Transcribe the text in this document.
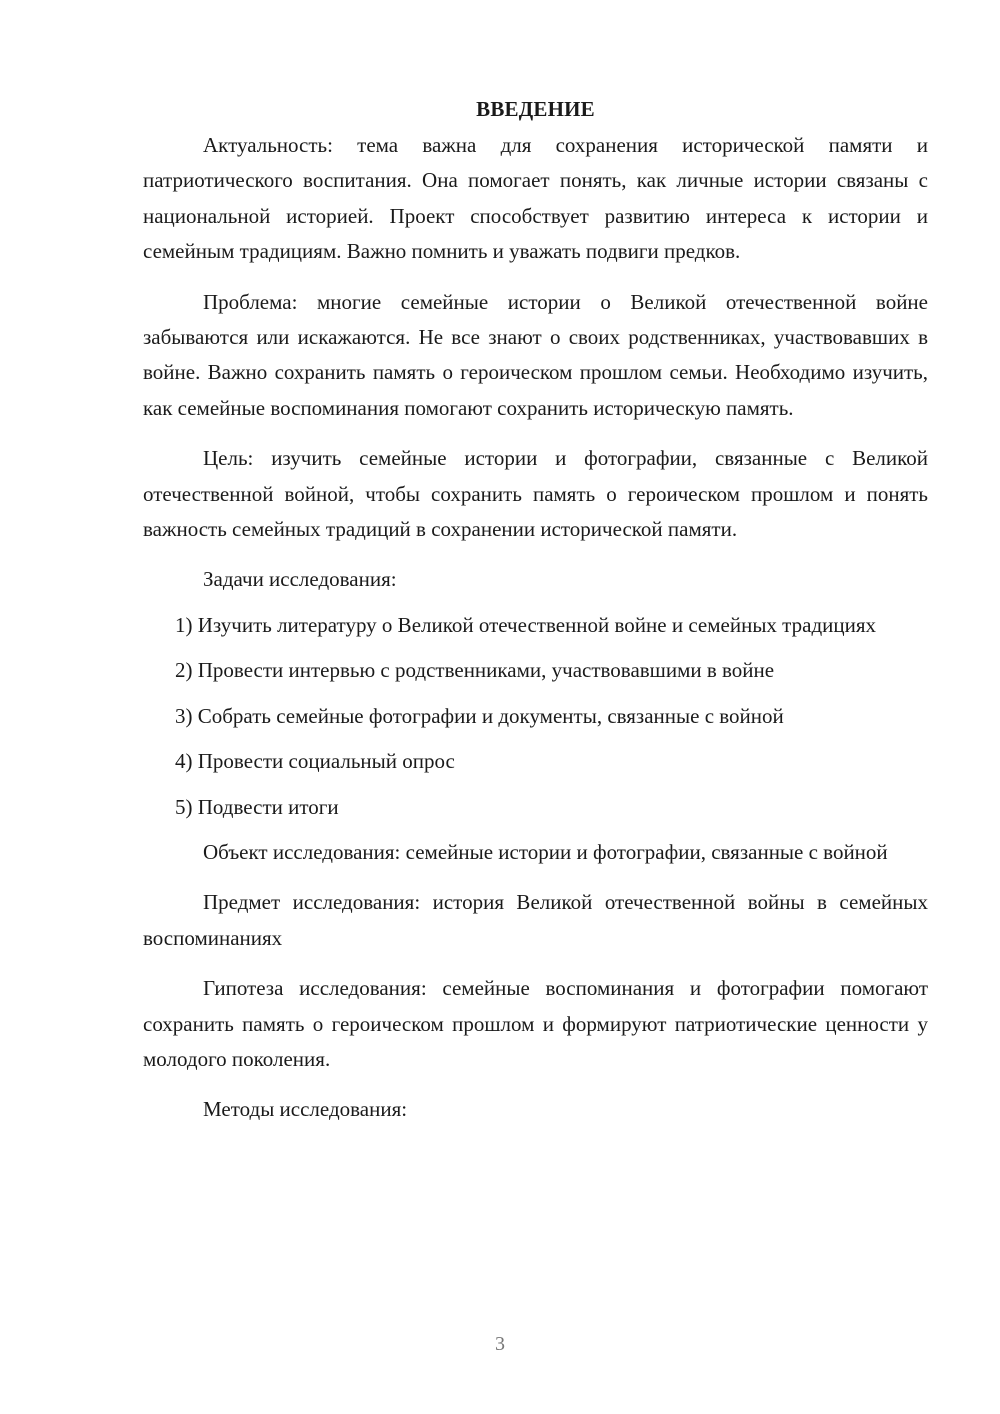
ВВЕДЕНИЕ

Актуальность: тема важна для сохранения исторической памяти и патриотического воспитания. Она помогает понять, как личные истории связаны с национальной историей. Проект способствует развитию интереса к истории и семейным традициям. Важно помнить и уважать подвиги предков.

Проблема: многие семейные истории о Великой отечественной войне забываются или искажаются. Не все знают о своих родственниках, участвовавших в войне. Важно сохранить память о героическом прошлом семьи. Необходимо изучить, как семейные воспоминания помогают сохранить историческую память.

Цель: изучить семейные истории и фотографии, связанные с Великой отечественной войной, чтобы сохранить память о героическом прошлом и понять важность семейных традиций в сохранении исторической памяти.

Задачи исследования:

1) Изучить литературу о Великой отечественной войне и семейных традициях

2) Провести интервью с родственниками, участвовавшими в войне

3) Собрать семейные фотографии и документы, связанные с войной

4) Провести социальный опрос

5) Подвести итоги

Объект исследования: семейные истории и фотографии, связанные с войной

Предмет исследования: история Великой отечественной войны в семейных воспоминаниях

Гипотеза исследования: семейные воспоминания и фотографии помогают сохранить память о героическом прошлом и формируют патриотические ценности у молодого поколения.

Методы исследования:

3
